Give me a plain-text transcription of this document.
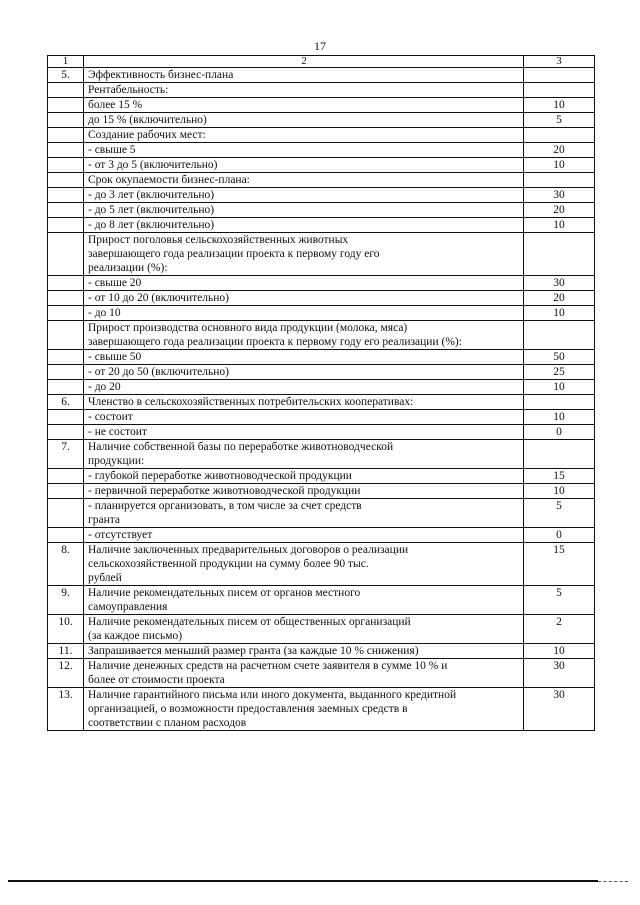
17
1	2	3
5.	Эффективность бизнес-плана	
	Рентабельность:	
	более 15 %	10
	до 15 % (включительно)	5
	Создание рабочих мест:	
	- свыше 5	20
	- от 3 до 5 (включительно)	10
	Срок окупаемости бизнес-плана:	
	- до 3 лет (включительно)	30
	- до 5 лет (включительно)	20
	- до 8 лет (включительно)	10
	Прирост поголовья сельскохозяйственных животных
завершающего года реализации проекта к первому году его
реализации (%):	
	- свыше 20	30
	- от 10 до 20 (включительно)	20
	- до 10	10
	Прирост производства основного вида продукции (молока, мяса)
завершающего года реализации проекта к первому году его реализации (%):	
	- свыше 50	50
	- от 20 до 50 (включительно)	25
	- до 20	10
6.	Членство в сельскохозяйственных потребительских кооперативах:	
	- состоит	10
	- не состоит	0
7.	Наличие собственной базы по переработке животноводческой
продукции:	
	- глубокой переработке животноводческой продукции	15
	- первичной переработке животноводческой продукции	10
	- планируется организовать, в том числе за счет средств
гранта	5
	- отсутствует	0
8.	Наличие заключенных предварительных договоров о реализации
сельскохозяйственной продукции на сумму более 90 тыс.
рублей	15
9.	Наличие рекомендательных писем от органов местного
самоуправления	5
10.	Наличие рекомендательных писем от общественных организаций
(за каждое письмо)	2
11.	Запрашивается меньший размер гранта (за каждые 10 % снижения)	10
12.	Наличие денежных средств на расчетном счете заявителя в сумме 10 % и
более от стоимости проекта	30
13.	Наличие гарантийного письма или иного документа, выданного кредитной
организацией, о возможности предоставления заемных средств в
соответствии с планом расходов	30
